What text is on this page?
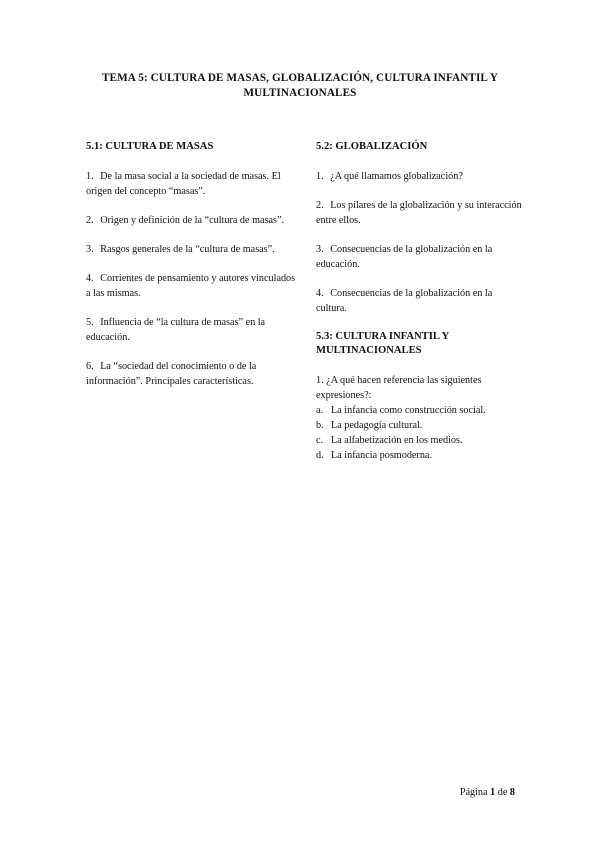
TEMA 5: CULTURA DE MASAS, GLOBALIZACIÓN, CULTURA INFANTIL Y
MULTINACIONALES
5.1: CULTURA DE MASAS
1. De la masa social a la sociedad de masas. El origen del concepto “masas”.
2. Origen y definición de la “cultura de masas”.
3. Rasgos generales de la “cultura de masas”.
4. Corrientes de pensamiento y autores vinculados a las mismas.
5. Influencia de “la cultura de masas” en la educación.
6. La “sociedad del conocimiento o de la información”. Principales características.
5.2: GLOBALIZACIÓN
1. ¿A qué llamamos globalización?
2. Los pilares de la globalización y su interacción entre ellos.
3. Consecuencias de la globalización en la educación.
4. Consecuencias de la globalización en la cultura.
5.3: CULTURA INFANTIL Y MULTINACIONALES
1. ¿A qué hacen referencia las siguientes expresiones?:
a. La infancia como construcción social.
b. La pedagogía cultural.
c. La alfabetización en los medios.
d. La infancia posmoderna.
Página 1 de 8
